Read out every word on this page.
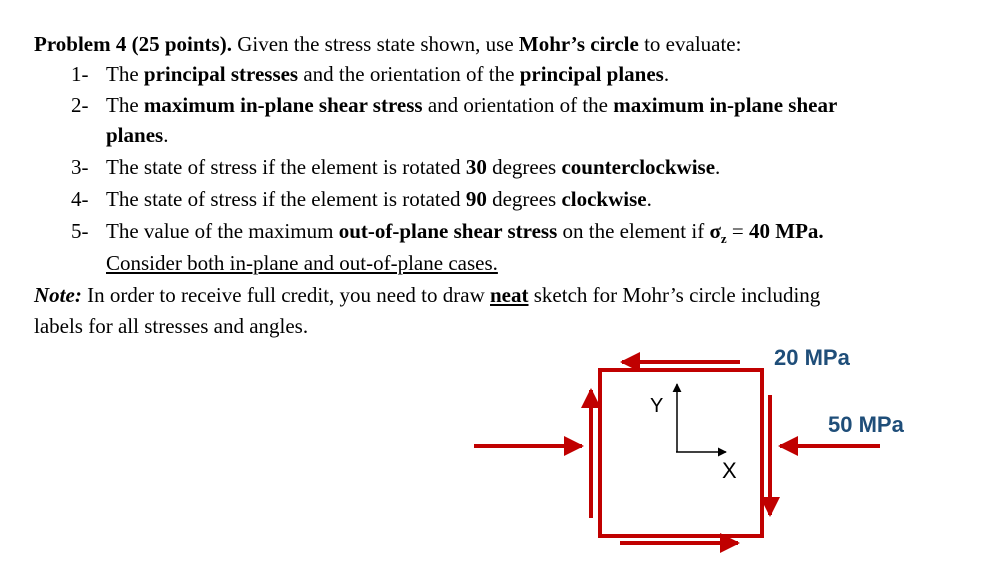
Problem 4 (25 points). Given the stress state shown, use Mohr’s circle to evaluate:
1- The principal stresses and the orientation of the principal planes.
2- The maximum in-plane shear stress and orientation of the maximum in-plane shear
planes.
3- The state of stress if the element is rotated 30 degrees counterclockwise.
4- The state of stress if the element is rotated 90 degrees clockwise.
5- The value of the maximum out-of-plane shear stress on the element if $\sigma_z = 40$ MPa.
Consider both in-plane and out-of-plane cases.
Note: In order to receive full credit, you need to draw neat sketch for Mohr’s circle including
labels for all stresses and angles.
Y
X
20 MPa
50 MPa
